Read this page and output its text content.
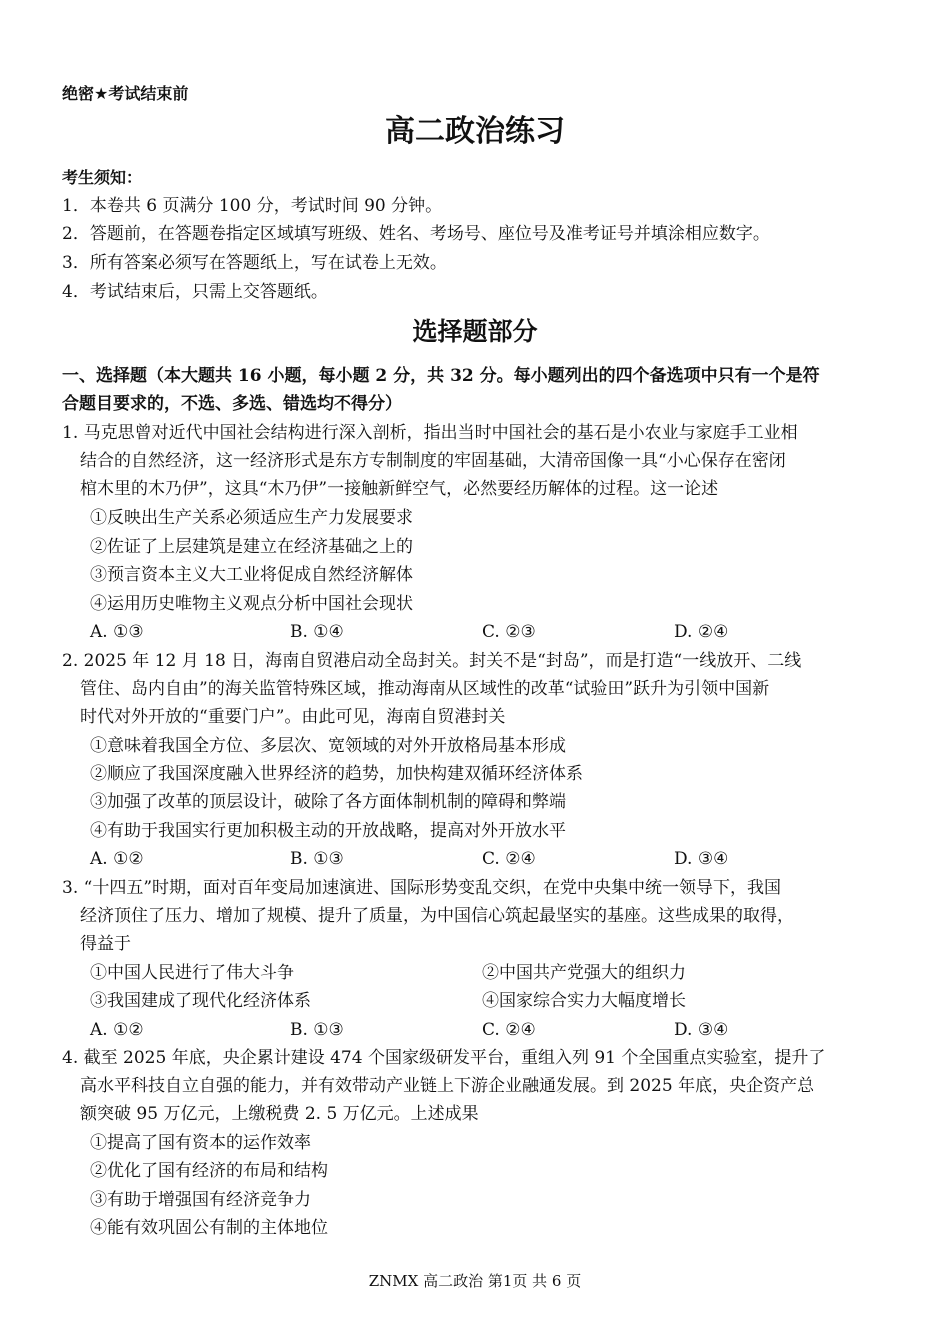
绝密★考试结束前
高二政治练习
考生须知：
1．本卷共 6 页满分 100 分，考试时间 90 分钟。
2．答题前，在答题卷指定区域填写班级、姓名、考场号、座位号及准考证号并填涂相应数字。
3．所有答案必须写在答题纸上，写在试卷上无效。
4．考试结束后，只需上交答题纸。
选择题部分
一、选择题（本大题共 16 小题，每小题 2 分，共 32 分。每小题列出的四个备选项中只有一个是符
合题目要求的，不选、多选、错选均不得分）
1. 马克思曾对近代中国社会结构进行深入剖析，指出当时中国社会的基石是小农业与家庭手工业相
结合的自然经济，这一经济形式是东方专制制度的牢固基础，大清帝国像一具“小心保存在密闭
棺木里的木乃伊”，这具“木乃伊”一接触新鲜空气，必然要经历解体的过程。这一论述
①反映出生产关系必须适应生产力发展要求
②佐证了上层建筑是建立在经济基础之上的
③预言资本主义大工业将促成自然经济解体
④运用历史唯物主义观点分析中国社会现状
A. ①③	B. ①④	C. ②③	D. ②④
2. 2025 年 12 月 18 日，海南自贸港启动全岛封关。封关不是“封岛”，而是打造“一线放开、二线
管住、岛内自由”的海关监管特殊区域，推动海南从区域性的改革“试验田”跃升为引领中国新
时代对外开放的“重要门户”。由此可见，海南自贸港封关
①意味着我国全方位、多层次、宽领域的对外开放格局基本形成
②顺应了我国深度融入世界经济的趋势，加快构建双循环经济体系
③加强了改革的顶层设计，破除了各方面体制机制的障碍和弊端
④有助于我国实行更加积极主动的开放战略，提高对外开放水平
A. ①②	B. ①③	C. ②④	D. ③④
3. “十四五”时期，面对百年变局加速演进、国际形势变乱交织，在党中央集中统一领导下，我国
经济顶住了压力、增加了规模、提升了质量，为中国信心筑起最坚实的基座。这些成果的取得，
得益于
①中国人民进行了伟大斗争	②中国共产党强大的组织力
③我国建成了现代化经济体系	④国家综合实力大幅度增长
A. ①②	B. ①③	C. ②④	D. ③④
4. 截至 2025 年底，央企累计建设 474 个国家级研发平台，重组入列 91 个全国重点实验室，提升了
高水平科技自立自强的能力，并有效带动产业链上下游企业融通发展。到 2025 年底，央企资产总
额突破 95 万亿元，上缴税费 2. 5 万亿元。上述成果
①提高了国有资本的运作效率
②优化了国有经济的布局和结构
③有助于增强国有经济竞争力
④能有效巩固公有制的主体地位
ZNMX 高二政治 第1页 共 6 页
